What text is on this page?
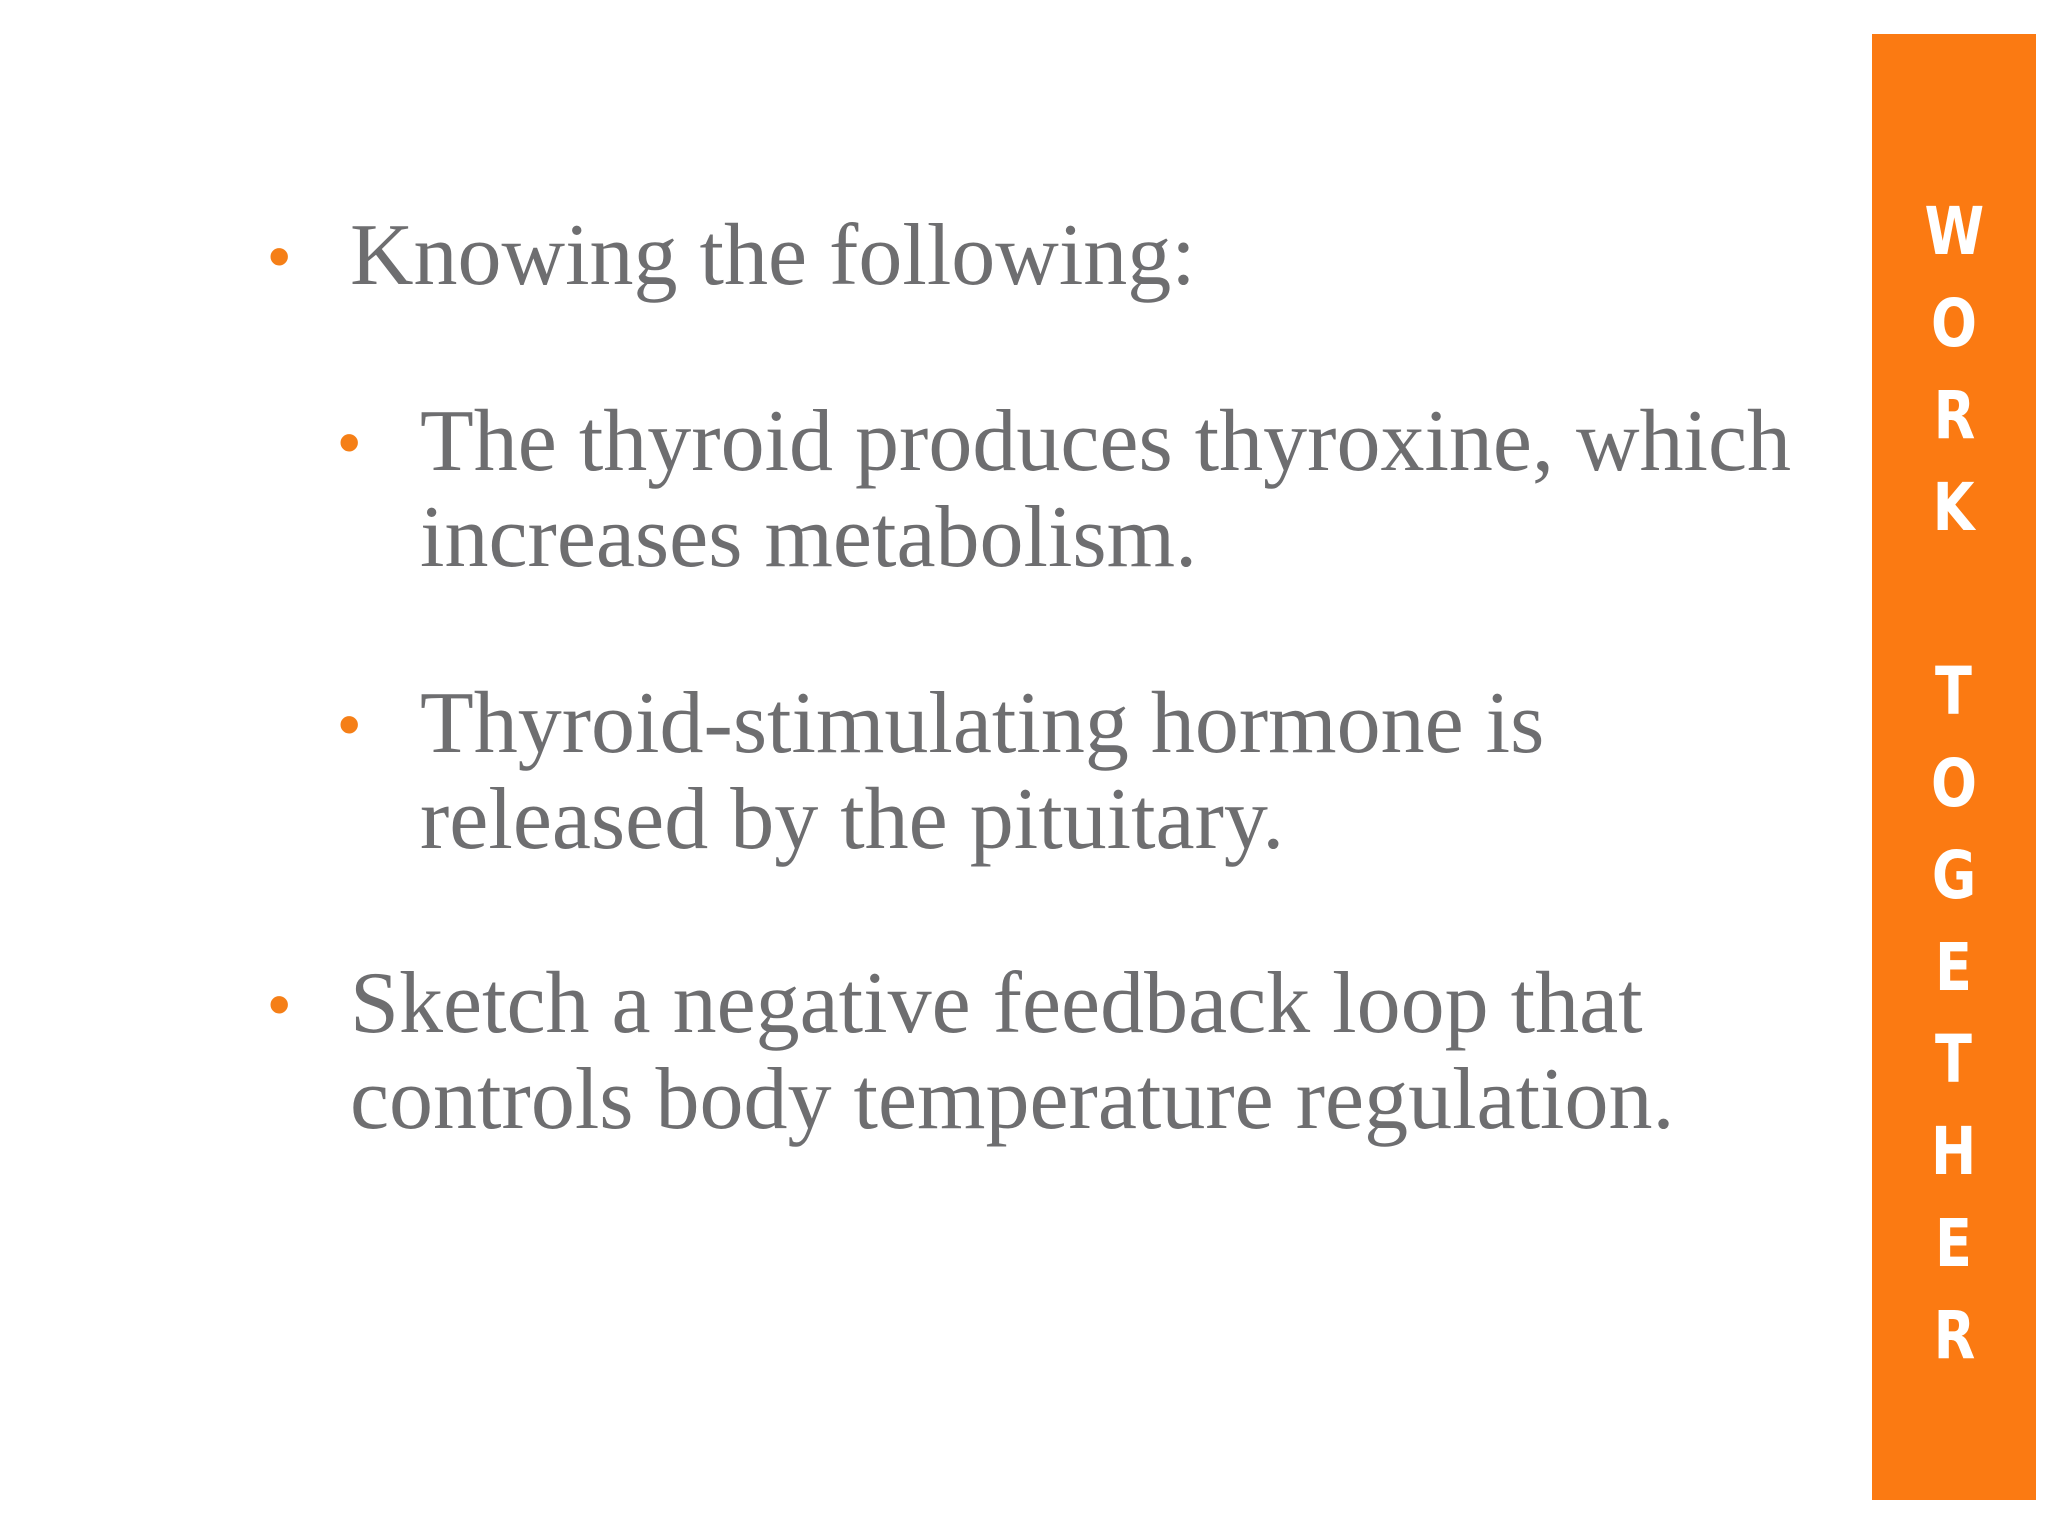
• Knowing the following:
• The thyroid produces thyroxine, which
increases metabolism.
• Thyroid-stimulating hormone is
released by the pituitary.
• Sketch a negative feedback loop that
controls body temperature regulation.
W
O
R
K
T
O
G
E
T
H
E
R
